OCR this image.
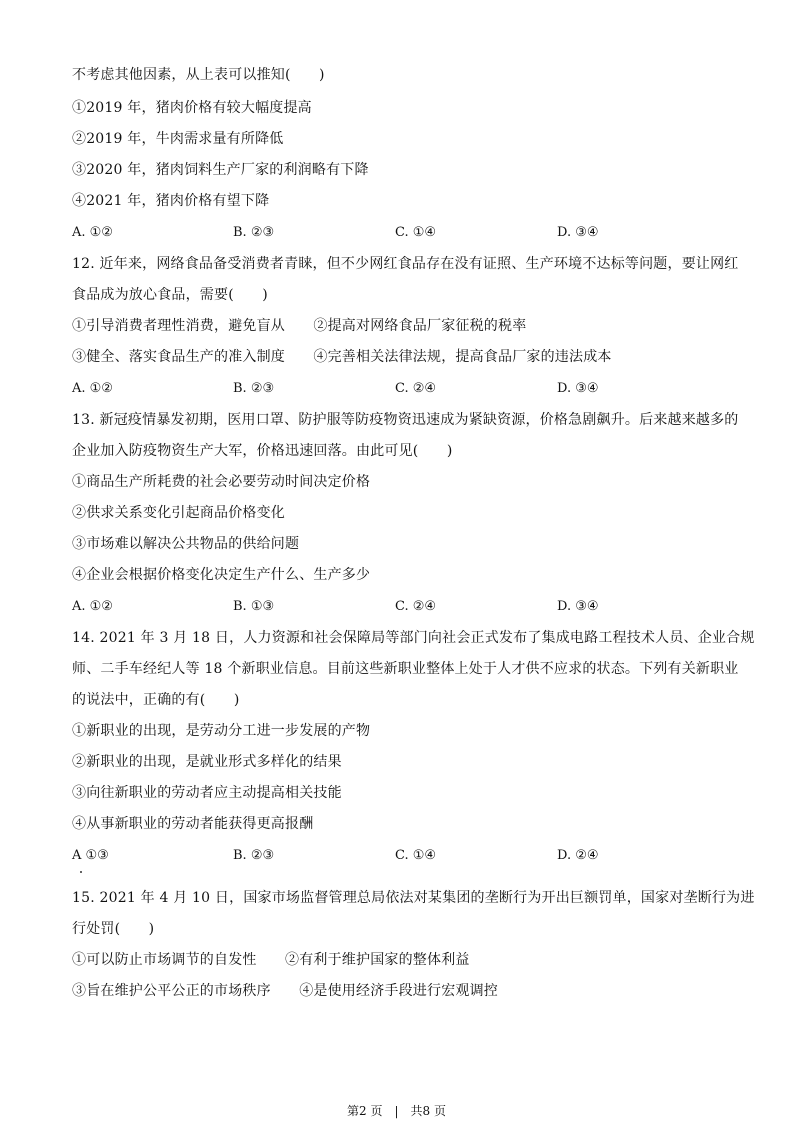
不考虑其他因素，从上表可以推知(　　)
①2019 年，猪肉价格有较大幅度提高
②2019 年，牛肉需求量有所降低
③2020 年，猪肉饲料生产厂家的利润略有下降
④2021 年，猪肉价格有望下降
A. ①②	B. ②③	C. ①④	D. ③④
12. 近年来，网络食品备受消费者青睐，但不少网红食品存在没有证照、生产环境不达标等问题，要让网红
食品成为放心食品，需要(　　)
①引导消费者理性消费，避免盲从　　②提高对网络食品厂家征税的税率
③健全、落实食品生产的准入制度　　④完善相关法律法规，提高食品厂家的违法成本
A. ①②	B. ②③	C. ②④	D. ③④
13. 新冠疫情暴发初期，医用口罩、防护服等防疫物资迅速成为紧缺资源，价格急剧飙升。后来越来越多的
企业加入防疫物资生产大军，价格迅速回落。由此可见(　　)
①商品生产所耗费的社会必要劳动时间决定价格
②供求关系变化引起商品价格变化
③市场难以解决公共物品的供给问题
④企业会根据价格变化决定生产什么、生产多少
A. ①②	B. ①③	C. ②④	D. ③④
14. 2021 年 3 月 18 日，人力资源和社会保障局等部门向社会正式发布了集成电路工程技术人员、企业合规
师、二手车经纪人等 18 个新职业信息。目前这些新职业整体上处于人才供不应求的状态。下列有关新职业
的说法中，正确的有(　　)
①新职业的出现，是劳动分工进一步发展的产物
②新职业的出现，是就业形式多样化的结果
③向往新职业的劳动者应主动提高相关技能
④从事新职业的劳动者能获得更高报酬
A ①③	B. ②③	C. ①④	D. ②④
15. 2021 年 4 月 10 日，国家市场监督管理总局依法对某集团的垄断行为开出巨额罚单，国家对垄断行为进
行处罚(　　)
①可以防止市场调节的自发性　　②有利于维护国家的整体利益
③旨在维护公平公正的市场秩序　　④是使用经济手段进行宏观调控
第2 页　|　共8 页
